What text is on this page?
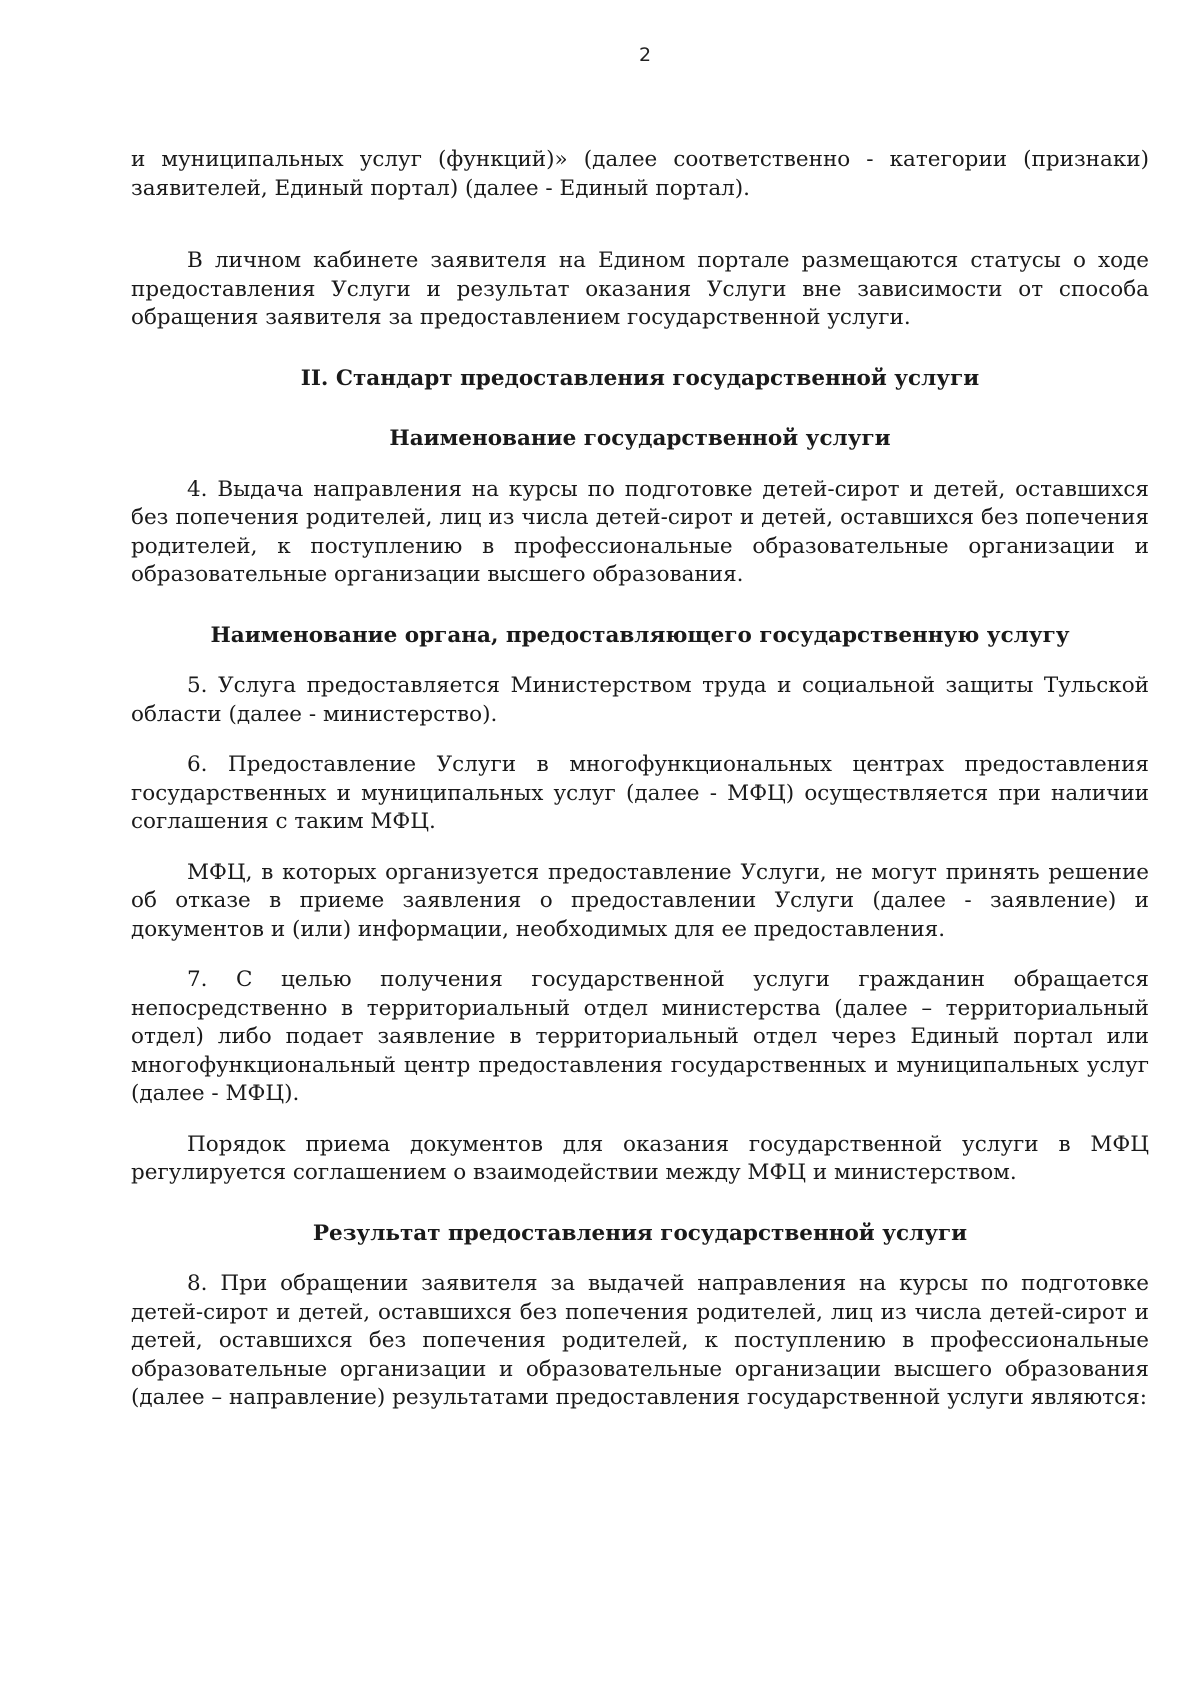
2

и муниципальных услуг (функций)» (далее соответственно - категории (признаки) заявителей, Единый портал) (далее - Единый портал).

В личном кабинете заявителя на Едином портале размещаются статусы о ходе предоставления Услуги и результат оказания Услуги вне зависимости от способа обращения заявителя за предоставлением государственной услуги.

II. Стандарт предоставления государственной услуги
Наименование государственной услуги

4. Выдача направления на курсы по подготовке детей-сирот и детей, оставшихся без попечения родителей, лиц из числа детей-сирот и детей, оставшихся без попечения родителей, к поступлению в профессиональные образовательные организации и образовательные организации высшего образования.

Наименование органа, предоставляющего государственную услугу

5. Услуга предоставляется Министерством труда и социальной защиты Тульской области (далее - министерство).

6. Предоставление Услуги в многофункциональных центрах предоставления государственных и муниципальных услуг (далее - МФЦ) осуществляется при наличии соглашения с таким МФЦ.

МФЦ, в которых организуется предоставление Услуги, не могут принять решение об отказе в приеме заявления о предоставлении Услуги (далее - заявление) и документов и (или) информации, необходимых для ее предоставления.

7. С целью получения государственной услуги гражданин обращается непосредственно в территориальный отдел министерства (далее – территориальный отдел) либо подает заявление в территориальный отдел через Единый портал или многофункциональный центр предоставления государственных и муниципальных услуг (далее - МФЦ).

Порядок приема документов для оказания государственной услуги в МФЦ регулируется соглашением о взаимодействии между МФЦ и министерством.

Результат предоставления государственной услуги

8. При обращении заявителя за выдачей направления на курсы по подготовке детей-сирот и детей, оставшихся без попечения родителей, лиц из числа детей-сирот и детей, оставшихся без попечения родителей, к поступлению в профессиональные образовательные организации и образовательные организации высшего образования (далее – направление) результатами предоставления государственной услуги являются:
